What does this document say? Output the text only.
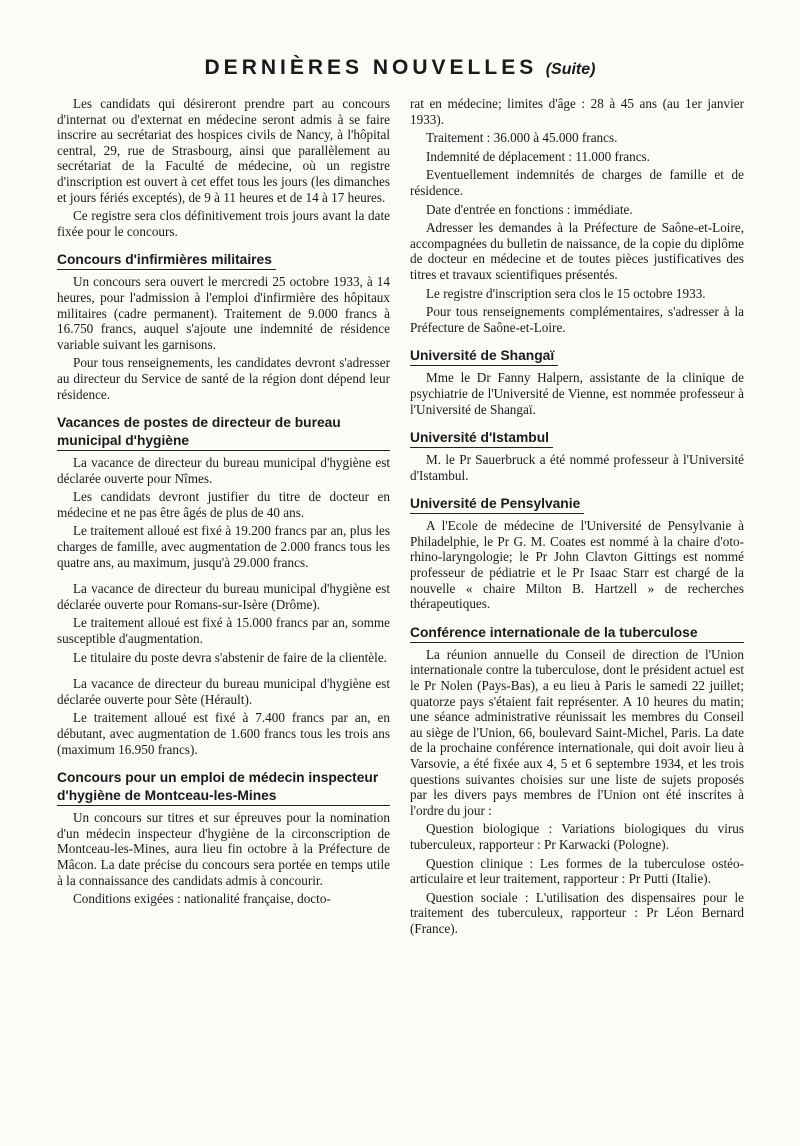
DERNIÈRES NOUVELLES (Suite)

Les candidats qui désireront prendre part au concours d'internat ou d'externat en médecine seront admis à se faire inscrire au secrétariat des hospices civils de Nancy, à l'hôpital central, 29, rue de Strasbourg, ainsi que parallèlement au secrétariat de la Faculté de médecine, où un registre d'inscription est ouvert à cet effet tous les jours (les dimanches et jours fériés exceptés), de 9 à 11 heures et de 14 à 17 heures.

Ce registre sera clos définitivement trois jours avant la date fixée pour le concours.

Concours d'infirmières militaires

Un concours sera ouvert le mercredi 25 octobre 1933, à 14 heures, pour l'admission à l'emploi d'infirmière des hôpitaux militaires (cadre permanent). Traitement de 9.000 francs à 16.750 francs, auquel s'ajoute une indemnité de résidence variable suivant les garnisons.

Pour tous renseignements, les candidates devront s'adresser au directeur du Service de santé de la région dont dépend leur résidence.

Vacances de postes de directeur de bureau
municipal d'hygiène

La vacance de directeur du bureau municipal d'hygiène est déclarée ouverte pour Nîmes.

Les candidats devront justifier du titre de docteur en médecine et ne pas être âgés de plus de 40 ans.

Le traitement alloué est fixé à 19.200 francs par an, plus les charges de famille, avec augmentation de 2.000 francs tous les quatre ans, au maximum, jusqu'à 29.000 francs.

La vacance de directeur du bureau municipal d'hygiène est déclarée ouverte pour Romans-sur-Isère (Drôme).

Le traitement alloué est fixé à 15.000 francs par an, somme susceptible d'augmentation.

Le titulaire du poste devra s'abstenir de faire de la clientèle.

La vacance de directeur du bureau municipal d'hygiène est déclarée ouverte pour Sète (Hérault).

Le traitement alloué est fixé à 7.400 francs par an, en débutant, avec augmentation de 1.600 francs tous les trois ans (maximum 16.950 francs).

Concours pour un emploi de médecin inspecteur d'hygiène de Montceau-les-Mines

Un concours sur titres et sur épreuves pour la nomination d'un médecin inspecteur d'hygiène de la circonscription de Montceau-les-Mines, aura lieu fin octobre à la Préfecture de Mâcon. La date précise du concours sera portée en temps utile à la connaissance des candidats admis à concourir.

Conditions exigées : nationalité française, docto-

rat en médecine; limites d'âge : 28 à 45 ans (au 1er janvier 1933).

Traitement : 36.000 à 45.000 francs.

Indemnité de déplacement : 11.000 francs.

Eventuellement indemnités de charges de famille et de résidence.

Date d'entrée en fonctions : immédiate.

Adresser les demandes à la Préfecture de Saône-et-Loire, accompagnées du bulletin de naissance, de la copie du diplôme de docteur en médecine et de toutes pièces justificatives des titres et travaux scientifiques présentés.

Le registre d'inscription sera clos le 15 octobre 1933.

Pour tous renseignements complémentaires, s'adresser à la Préfecture de Saône-et-Loire.

Université de Shangaï

Mme le Dr Fanny Halpern, assistante de la clinique de psychiatrie de l'Université de Vienne, est nommée professeur à l'Université de Shangaï.

Université d'Istambul

M. le Pr Sauerbruck a été nommé professeur à l'Université d'Istambul.

Université de Pensylvanie

A l'Ecole de médecine de l'Université de Pensylvanie à Philadelphie, le Pr G. M. Coates est nommé à la chaire d'oto-rhino-laryngologie; le Pr John Clavton Gittings est nommé professeur de pédiatrie et le Pr Isaac Starr est chargé de la nouvelle « chaire Milton B. Hartzell » de recherches thérapeutiques.

Conférence internationale de la tuberculose

La réunion annuelle du Conseil de direction de l'Union internationale contre la tuberculose, dont le président actuel est le Pr Nolen (Pays-Bas), a eu lieu à Paris le samedi 22 juillet; quatorze pays s'étaient fait représenter. A 10 heures du matin; une séance administrative réunissait les membres du Conseil au siège de l'Union, 66, boulevard Saint-Michel, Paris. La date de la prochaine conférence internationale, qui doit avoir lieu à Varsovie, a été fixée aux 4, 5 et 6 septembre 1934, et les trois questions suivantes choisies sur une liste de sujets proposés par les divers pays membres de l'Union ont été inscrites à l'ordre du jour :

Question biologique : Variations biologiques du virus tuberculeux, rapporteur : Pr Karwacki (Pologne).

Question clinique : Les formes de la tuberculose ostéo-articulaire et leur traitement, rapporteur : Pr Putti (Italie).

Question sociale : L'utilisation des dispensaires pour le traitement des tuberculeux, rapporteur : Pr Léon Bernard (France).
